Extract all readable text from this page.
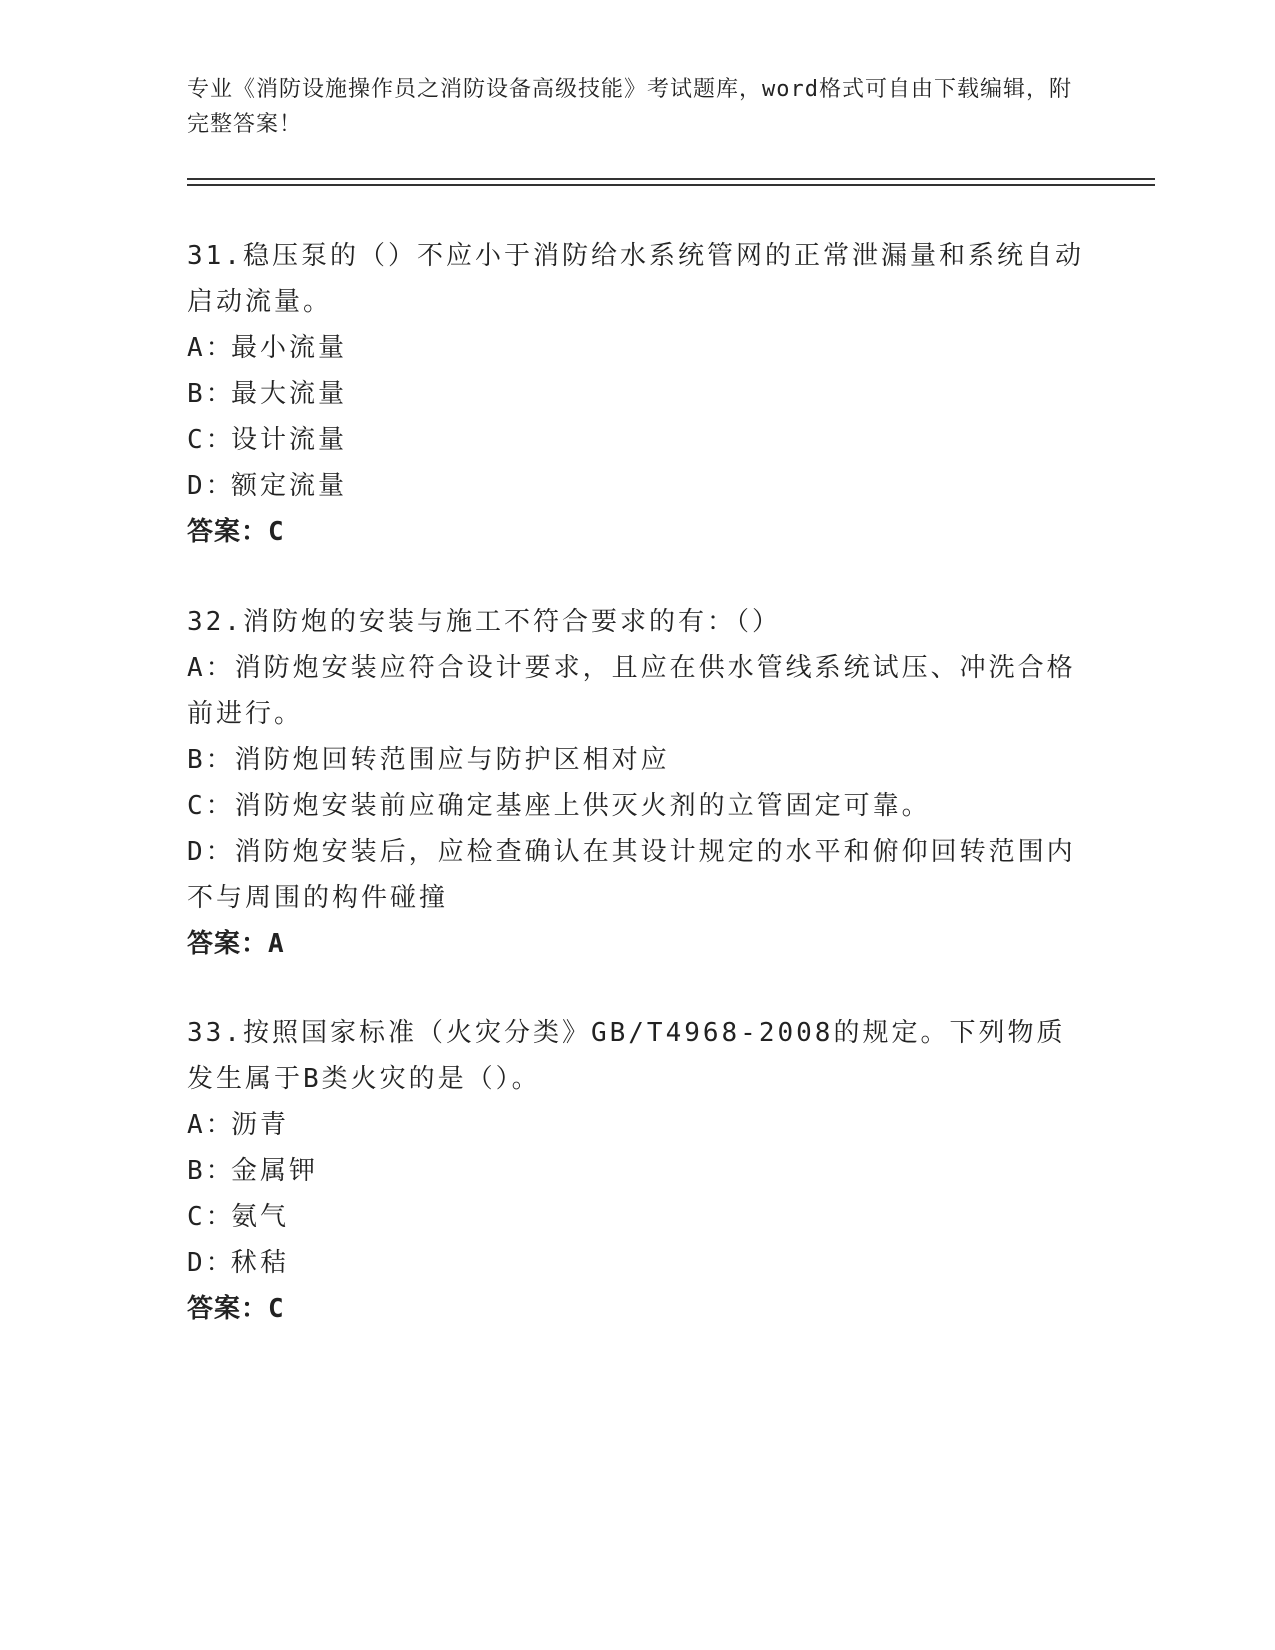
专业《消防设施操作员之消防设备高级技能》考试题库，word格式可自由下载编辑，附完整答案！
31.稳压泵的（）不应小于消防给水系统管网的正常泄漏量和系统自动启动流量。
A：最小流量
B：最大流量
C：设计流量
D：额定流量
答案：C
32.消防炮的安装与施工不符合要求的有：（）
A：消防炮安装应符合设计要求，且应在供水管线系统试压、冲洗合格前进行。
B：消防炮回转范围应与防护区相对应
C：消防炮安装前应确定基座上供灭火剂的立管固定可靠。
D：消防炮安装后，应检查确认在其设计规定的水平和俯仰回转范围内不与周围的构件碰撞
答案：A
33.按照国家标准（火灾分类》GB/T4968-2008的规定。下列物质发生属于B类火灾的是（）。
A：沥青
B：金属钾
C：氨气
D：秫秸
答案：C
